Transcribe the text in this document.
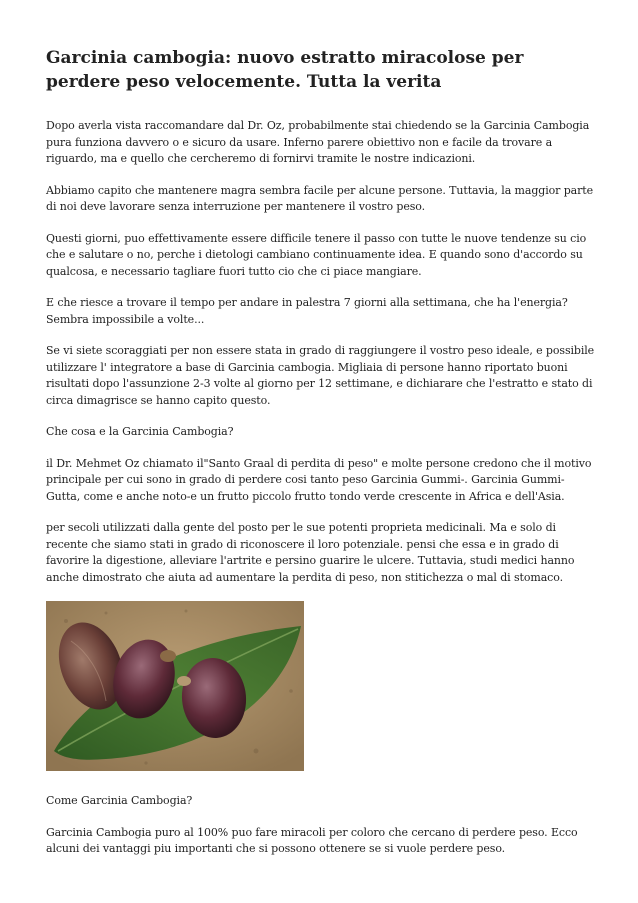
Garcinia cambogia: nuovo estratto miracolose per perdere peso velocemente. Tutta la verita

Dopo averla vista raccomandare dal Dr. Oz, probabilmente stai chiedendo se la Garcinia Cambogia pura funziona davvero o e sicuro da usare. Inferno parere obiettivo non e facile da trovare a riguardo, ma e quello che cercheremo di fornirvi tramite le nostre indicazioni.

Abbiamo capito che mantenere magra sembra facile per alcune persone. Tuttavia, la maggior parte di noi deve lavorare senza interruzione per mantenere il vostro peso.

Questi giorni, puo effettivamente essere difficile tenere il passo con tutte le nuove tendenze su cio che e salutare o no, perche i dietologi cambiano continuamente idea. E quando sono d'accordo su qualcosa, e necessario tagliare fuori tutto cio che ci piace mangiare.

E che riesce a trovare il tempo per andare in palestra 7 giorni alla settimana, che ha l'energia? Sembra impossibile a volte...

Se vi siete scoraggiati per non essere stata in grado di raggiungere il vostro peso ideale, e possibile utilizzare l' integratore a base di Garcinia cambogia. Migliaia di persone hanno riportato buoni risultati dopo l'assunzione 2-3 volte al giorno per 12 settimane, e dichiarare che l'estratto e stato di circa dimagrisce se hanno capito questo.

Che cosa e la Garcinia Cambogia?

il Dr. Mehmet Oz chiamato il"Santo Graal di perdita di peso" e molte persone credono che il motivo principale per cui sono in grado di perdere cosi tanto peso Garcinia Gummi-. Garcinia Gummi-Gutta, come e anche noto-e un frutto piccolo frutto tondo verde crescente in Africa e dell'Asia.

per secoli utilizzati dalla gente del posto per le sue potenti proprieta medicinali. Ma e solo di recente che siamo stati in grado di riconoscere il loro potenziale. pensi che essa e in grado di favorire la digestione, alleviare l'artrite e persino guarire le ulcere. Tuttavia, studi medici hanno anche dimostrato che aiuta ad aumentare la perdita di peso, non stitichezza o mal di stomaco.

Come Garcinia Cambogia?

Garcinia Cambogia puro al 100% puo fare miracoli per coloro che cercano di perdere peso. Ecco alcuni dei vantaggi piu importanti che si possono ottenere se si vuole perdere peso.
